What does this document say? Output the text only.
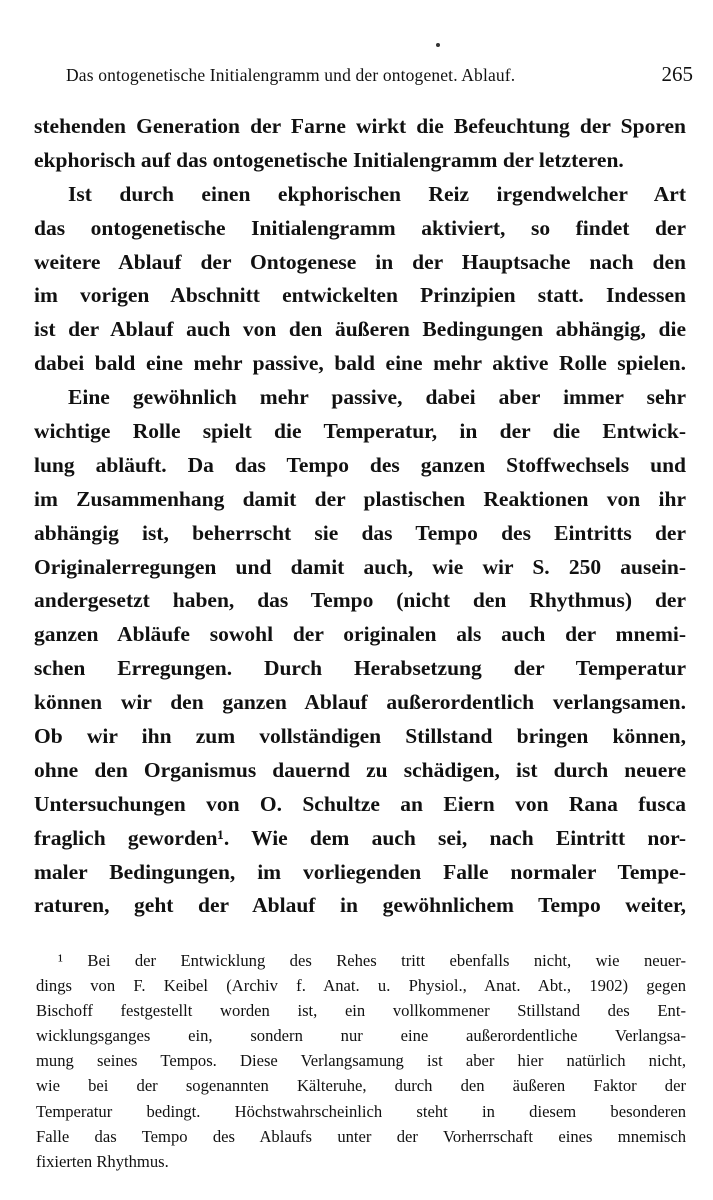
Das ontogenetische Initialengramm und der ontogenet. Ablauf.	265
stehenden Generation der Farne wirkt die Befeuchtung der Sporen
ekphorisch auf das ontogenetische Initialengramm der letzteren.
Ist durch einen ekphorischen Reiz irgendwelcher Art
das ontogenetische Initialengramm aktiviert, so findet der
weitere Ablauf der Ontogenese in der Hauptsache nach den
im vorigen Abschnitt entwickelten Prinzipien statt. Indessen
ist der Ablauf auch von den äußeren Bedingungen abhängig, die
dabei bald eine mehr passive, bald eine mehr aktive Rolle spielen.
Eine gewöhnlich mehr passive, dabei aber immer sehr
wichtige Rolle spielt die Temperatur, in der die Entwick-
lung abläuft. Da das Tempo des ganzen Stoffwechsels und
im Zusammenhang damit der plastischen Reaktionen von ihr
abhängig ist, beherrscht sie das Tempo des Eintritts der
Originalerregungen und damit auch, wie wir S. 250 ausein-
andergesetzt haben, das Tempo (nicht den Rhythmus) der
ganzen Abläufe sowohl der originalen als auch der mnemi-
schen Erregungen. Durch Herabsetzung der Temperatur
können wir den ganzen Ablauf außerordentlich verlangsamen.
Ob wir ihn zum vollständigen Stillstand bringen können,
ohne den Organismus dauernd zu schädigen, ist durch neuere
Untersuchungen von O. Schultze an Eiern von Rana fusca
fraglich geworden¹. Wie dem auch sei, nach Eintritt nor-
maler Bedingungen, im vorliegenden Falle normaler Tempe-
raturen, geht der Ablauf in gewöhnlichem Tempo weiter,
¹ Bei der Entwicklung des Rehes tritt ebenfalls nicht, wie neuer-
dings von F. Keibel (Archiv f. Anat. u. Physiol., Anat. Abt., 1902) gegen
Bischoff festgestellt worden ist, ein vollkommener Stillstand des Ent-
wicklungsganges ein, sondern nur eine außerordentliche Verlangsa-
mung seines Tempos. Diese Verlangsamung ist aber hier natürlich nicht,
wie bei der sogenannten Kälteruhe, durch den äußeren Faktor der
Temperatur bedingt. Höchstwahrscheinlich steht in diesem besonderen
Falle das Tempo des Ablaufs unter der Vorherrschaft eines mnemisch
fixierten Rhythmus.
